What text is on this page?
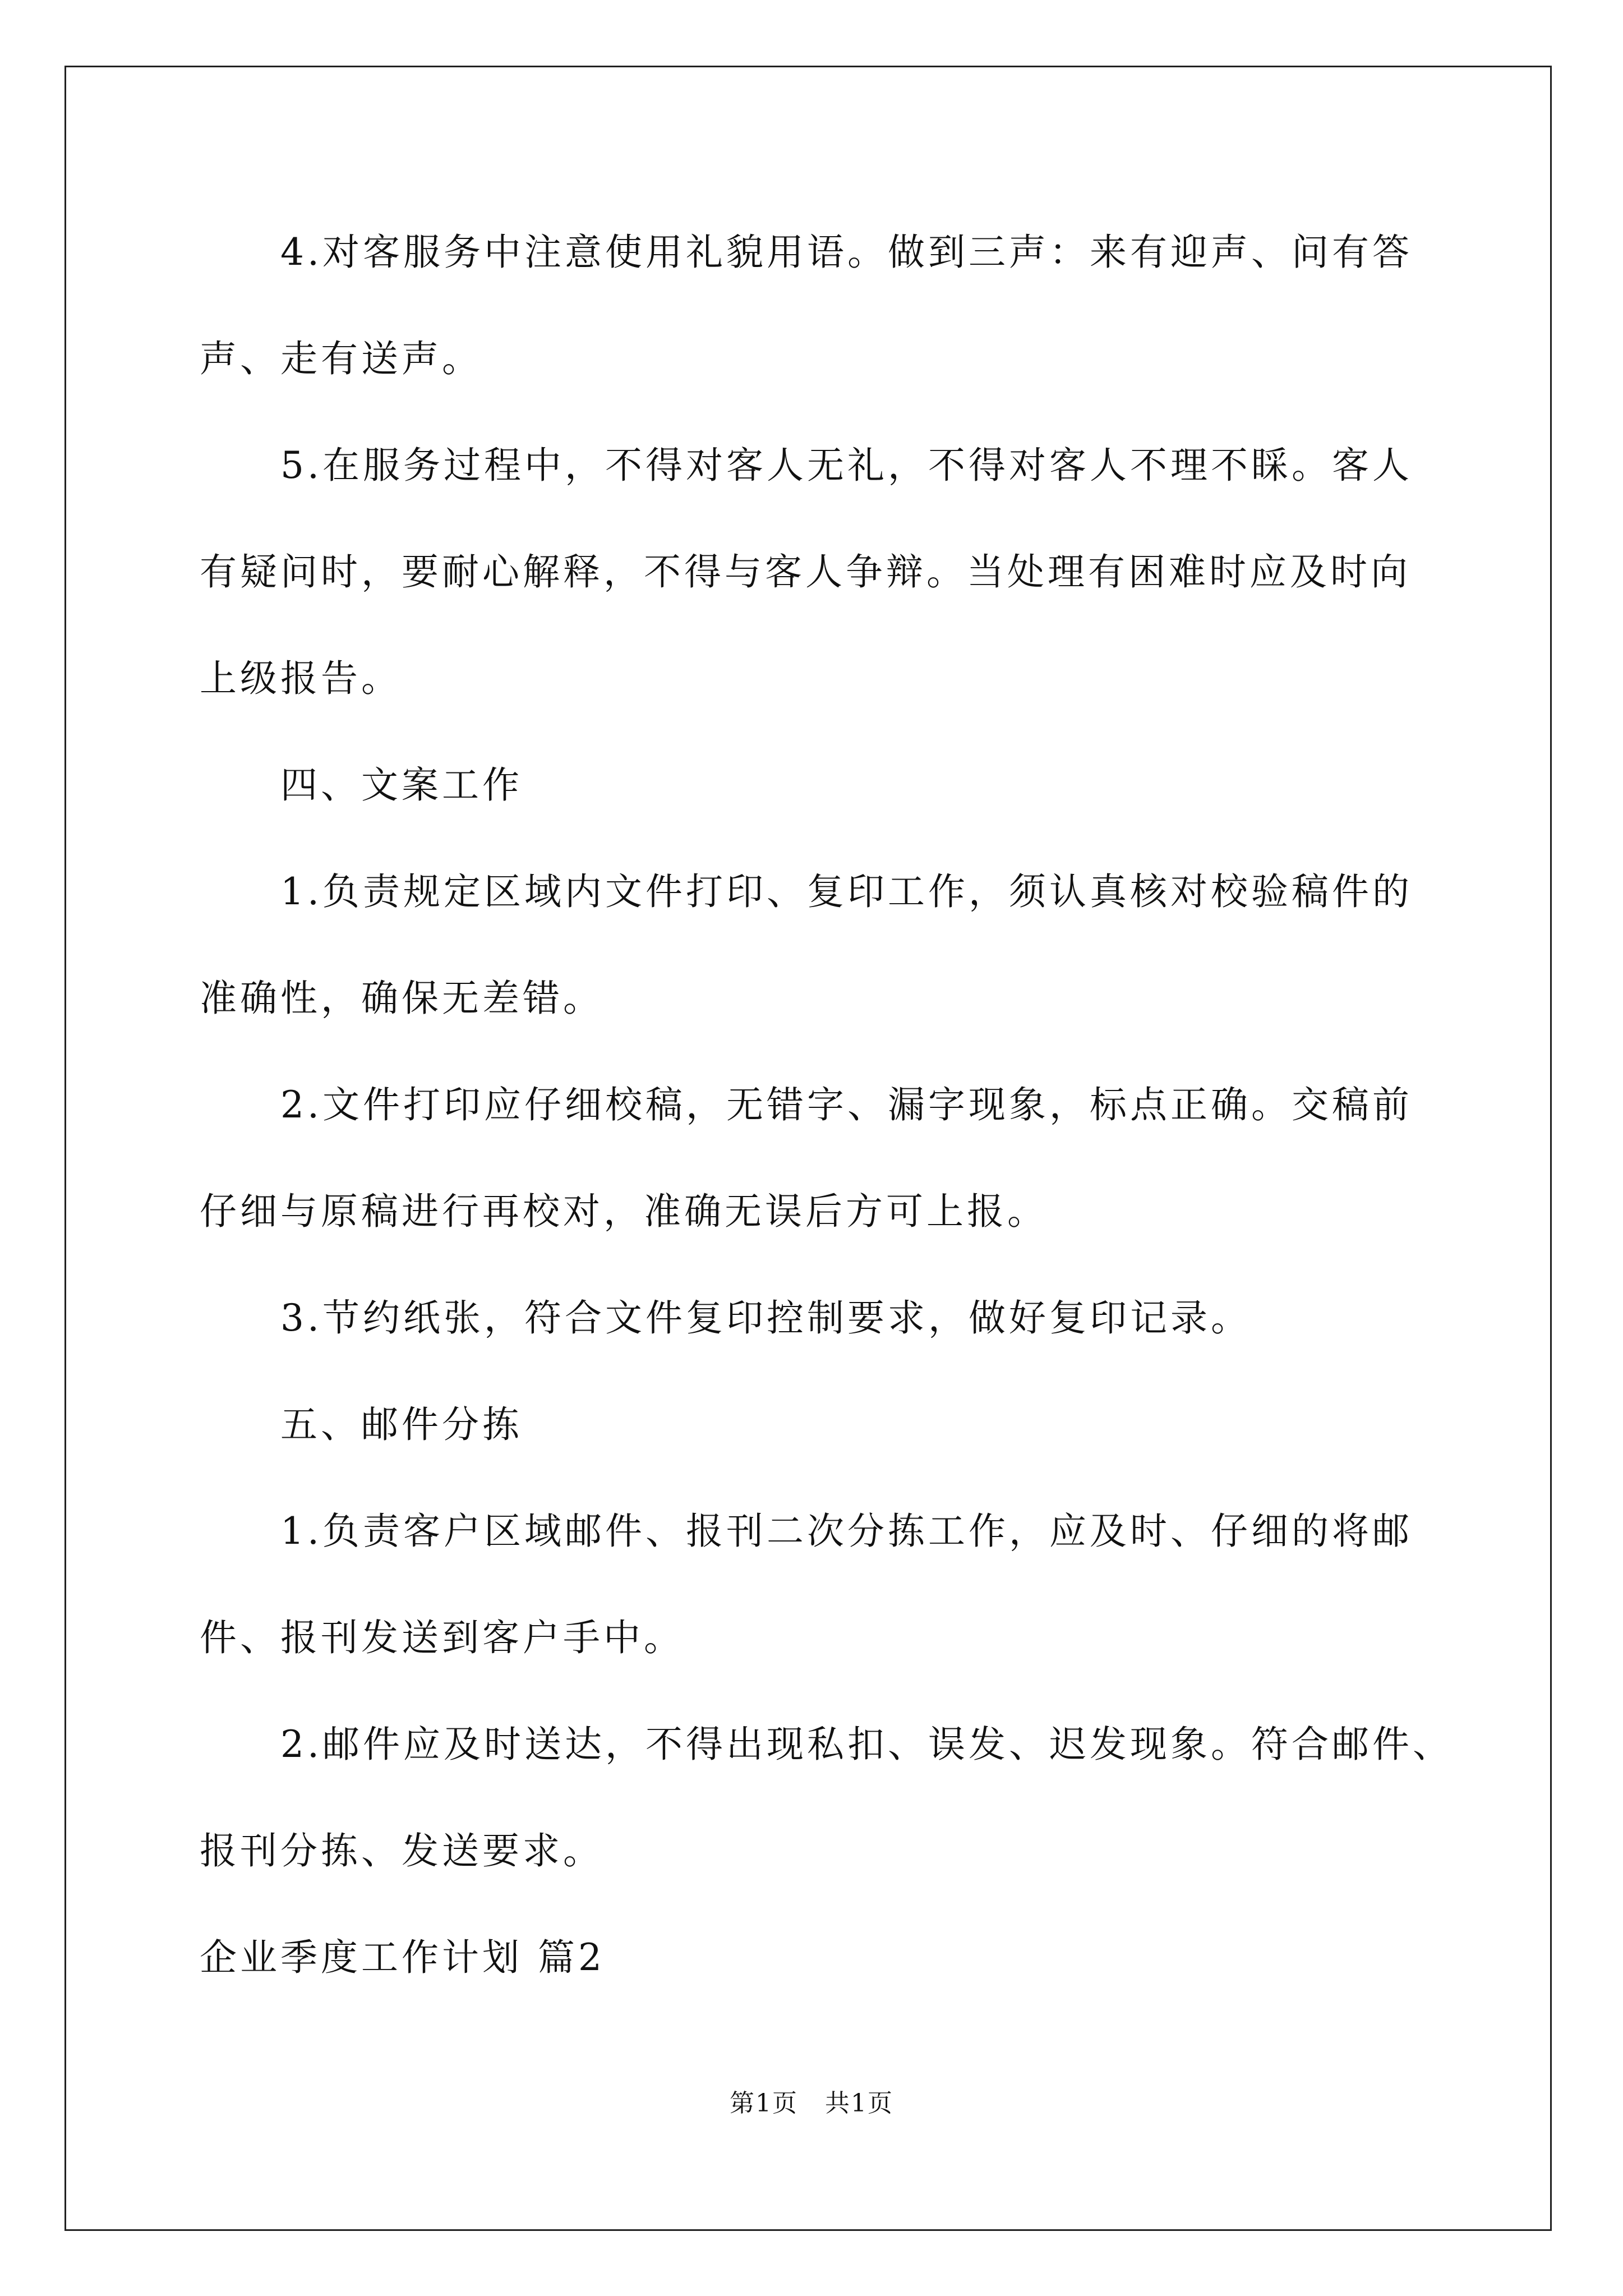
4.对客服务中注意使用礼貌用语。做到三声：来有迎声、问有答
声、走有送声。
5.在服务过程中，不得对客人无礼，不得对客人不理不睬。客人
有疑问时，要耐心解释，不得与客人争辩。当处理有困难时应及时向
上级报告。
四、文案工作
1.负责规定区域内文件打印、复印工作，须认真核对校验稿件的
准确性，确保无差错。
2.文件打印应仔细校稿，无错字、漏字现象，标点正确。交稿前
仔细与原稿进行再校对，准确无误后方可上报。
3.节约纸张，符合文件复印控制要求，做好复印记录。
五、邮件分拣
1.负责客户区域邮件、报刊二次分拣工作，应及时、仔细的将邮
件、报刊发送到客户手中。
2.邮件应及时送达，不得出现私扣、误发、迟发现象。符合邮件、
报刊分拣、发送要求。
企业季度工作计划 篇2
第1页   共1页
